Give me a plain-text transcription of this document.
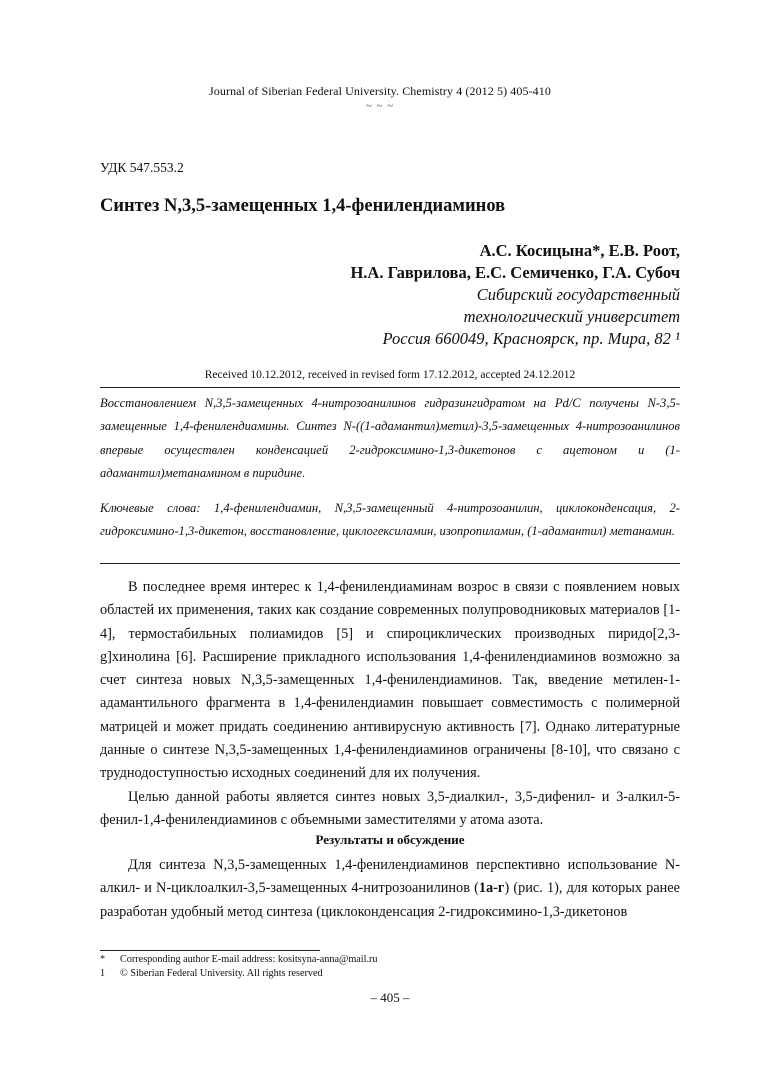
Journal of Siberian Federal University. Chemistry 4 (2012 5) 405-410
~ ~ ~
УДК 547.553.2
Синтез N,3,5-замещенных 1,4-фенилендиаминов
А.С. Косицына*, Е.В. Роот,
Н.А. Гаврилова, Е.С. Семиченко, Г.А. Субоч
Сибирский государственный
технологический университет
Россия 660049, Красноярск, пр. Мира, 82 ¹
Received 10.12.2012, received in revised form 17.12.2012, accepted 24.12.2012
Восстановлением N,3,5-замещенных 4-нитрозоанилинов гидразингидратом на Pd/C получены N-3,5-замещенные 1,4-фенилендиамины. Синтез N-((1-адамантил)метил)-3,5-замещенных 4-нитрозоанилинов впервые осуществлен конденсацией 2-гидроксимино-1,3-дикетонов с ацетоном и (1- адамантил)метанамином в пиридине.
Ключевые слова: 1,4-фенилендиамин, N,3,5-замещенный 4-нитрозоанилин, циклоконденсация, 2-гидроксимино-1,3-дикетон, восстановление, циклогексиламин, изопропиламин, (1-адамантил) метанамин.

В последнее время интерес к 1,4-фенилендиаминам возрос в связи с появлением новых областей их применения, таких как создание современных полупроводниковых материалов [1-4], термостабильных полиамидов [5] и спироциклических производных пиридо[2,3-g]хинолина [6]. Расширение прикладного использования 1,4-фенилендиаминов возможно за счет синтеза новых N,3,5-замещенных 1,4-фенилендиаминов. Так, введение метилен-1-адамантильного фрагмента в 1,4-фенилендиамин повышает совместимость с полимерной матрицей и может придать соединению антивирусную активность [7]. Однако литературные данные о синтезе N,3,5-замещенных 1,4-фенилендиаминов ограничены [8-10], что связано с труднодоступностью исходных соединений для их получения.

Целью данной работы является синтез новых 3,5-диалкил-, 3,5-дифенил- и 3-алкил-5-фенил-1,4-фенилендиаминов с объемными заместителями у атома азота.

Результаты и обсуждение

Для синтеза N,3,5-замещенных 1,4-фенилендиаминов перспективно использование N-алкил- и N-циклоалкил-3,5-замещенных 4-нитрозоанилинов (1а-г) (рис. 1), для которых ранее разработан удобный метод синтеза (циклоконденсация 2-гидроксимино-1,3-дикетонов

*	Corresponding author E-mail address: kositsyna-anna@mail.ru
1	© Siberian Federal University. All rights reserved
– 405 –
